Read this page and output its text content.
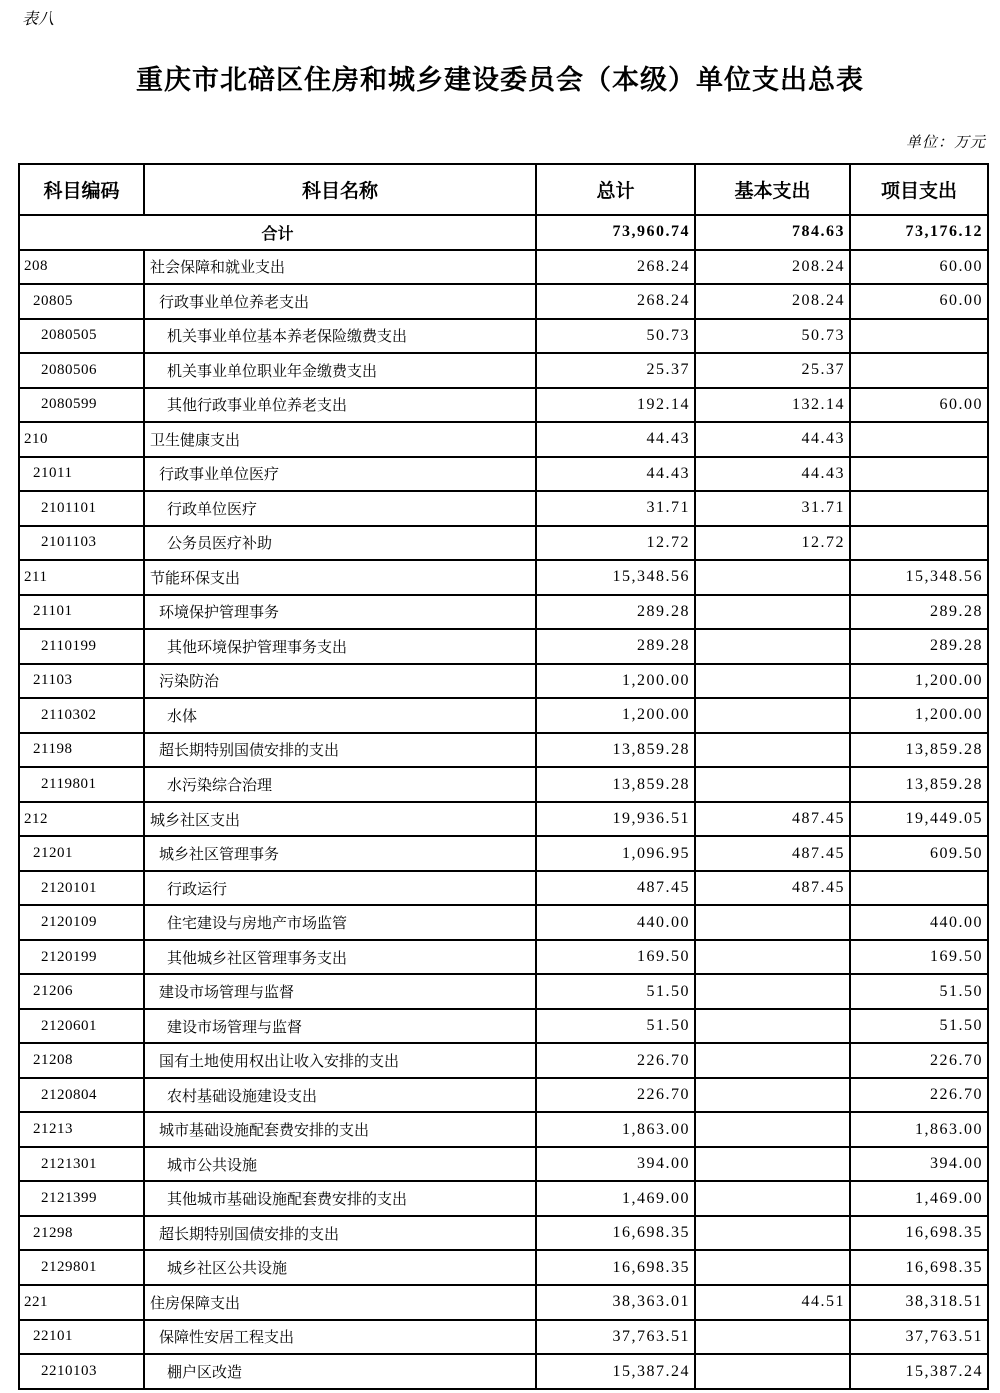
表八
重庆市北碚区住房和城乡建设委员会（本级）单位支出总表
单位：万元
科目编码	科目名称	总计	基本支出	项目支出
合计		73,960.74	784.63	73,176.12
208	社会保障和就业支出	268.24	208.24	60.00
20805	行政事业单位养老支出	268.24	208.24	60.00
2080505	机关事业单位基本养老保险缴费支出	50.73	50.73	
2080506	机关事业单位职业年金缴费支出	25.37	25.37	
2080599	其他行政事业单位养老支出	192.14	132.14	60.00
210	卫生健康支出	44.43	44.43	
21011	行政事业单位医疗	44.43	44.43	
2101101	行政单位医疗	31.71	31.71	
2101103	公务员医疗补助	12.72	12.72	
211	节能环保支出	15,348.56		15,348.56
21101	环境保护管理事务	289.28		289.28
2110199	其他环境保护管理事务支出	289.28		289.28
21103	污染防治	1,200.00		1,200.00
2110302	水体	1,200.00		1,200.00
21198	超长期特别国债安排的支出	13,859.28		13,859.28
2119801	水污染综合治理	13,859.28		13,859.28
212	城乡社区支出	19,936.51	487.45	19,449.05
21201	城乡社区管理事务	1,096.95	487.45	609.50
2120101	行政运行	487.45	487.45	
2120109	住宅建设与房地产市场监管	440.00		440.00
2120199	其他城乡社区管理事务支出	169.50		169.50
21206	建设市场管理与监督	51.50		51.50
2120601	建设市场管理与监督	51.50		51.50
21208	国有土地使用权出让收入安排的支出	226.70		226.70
2120804	农村基础设施建设支出	226.70		226.70
21213	城市基础设施配套费安排的支出	1,863.00		1,863.00
2121301	城市公共设施	394.00		394.00
2121399	其他城市基础设施配套费安排的支出	1,469.00		1,469.00
21298	超长期特别国债安排的支出	16,698.35		16,698.35
2129801	城乡社区公共设施	16,698.35		16,698.35
221	住房保障支出	38,363.01	44.51	38,318.51
22101	保障性安居工程支出	37,763.51		37,763.51
2210103	棚户区改造	15,387.24		15,387.24
